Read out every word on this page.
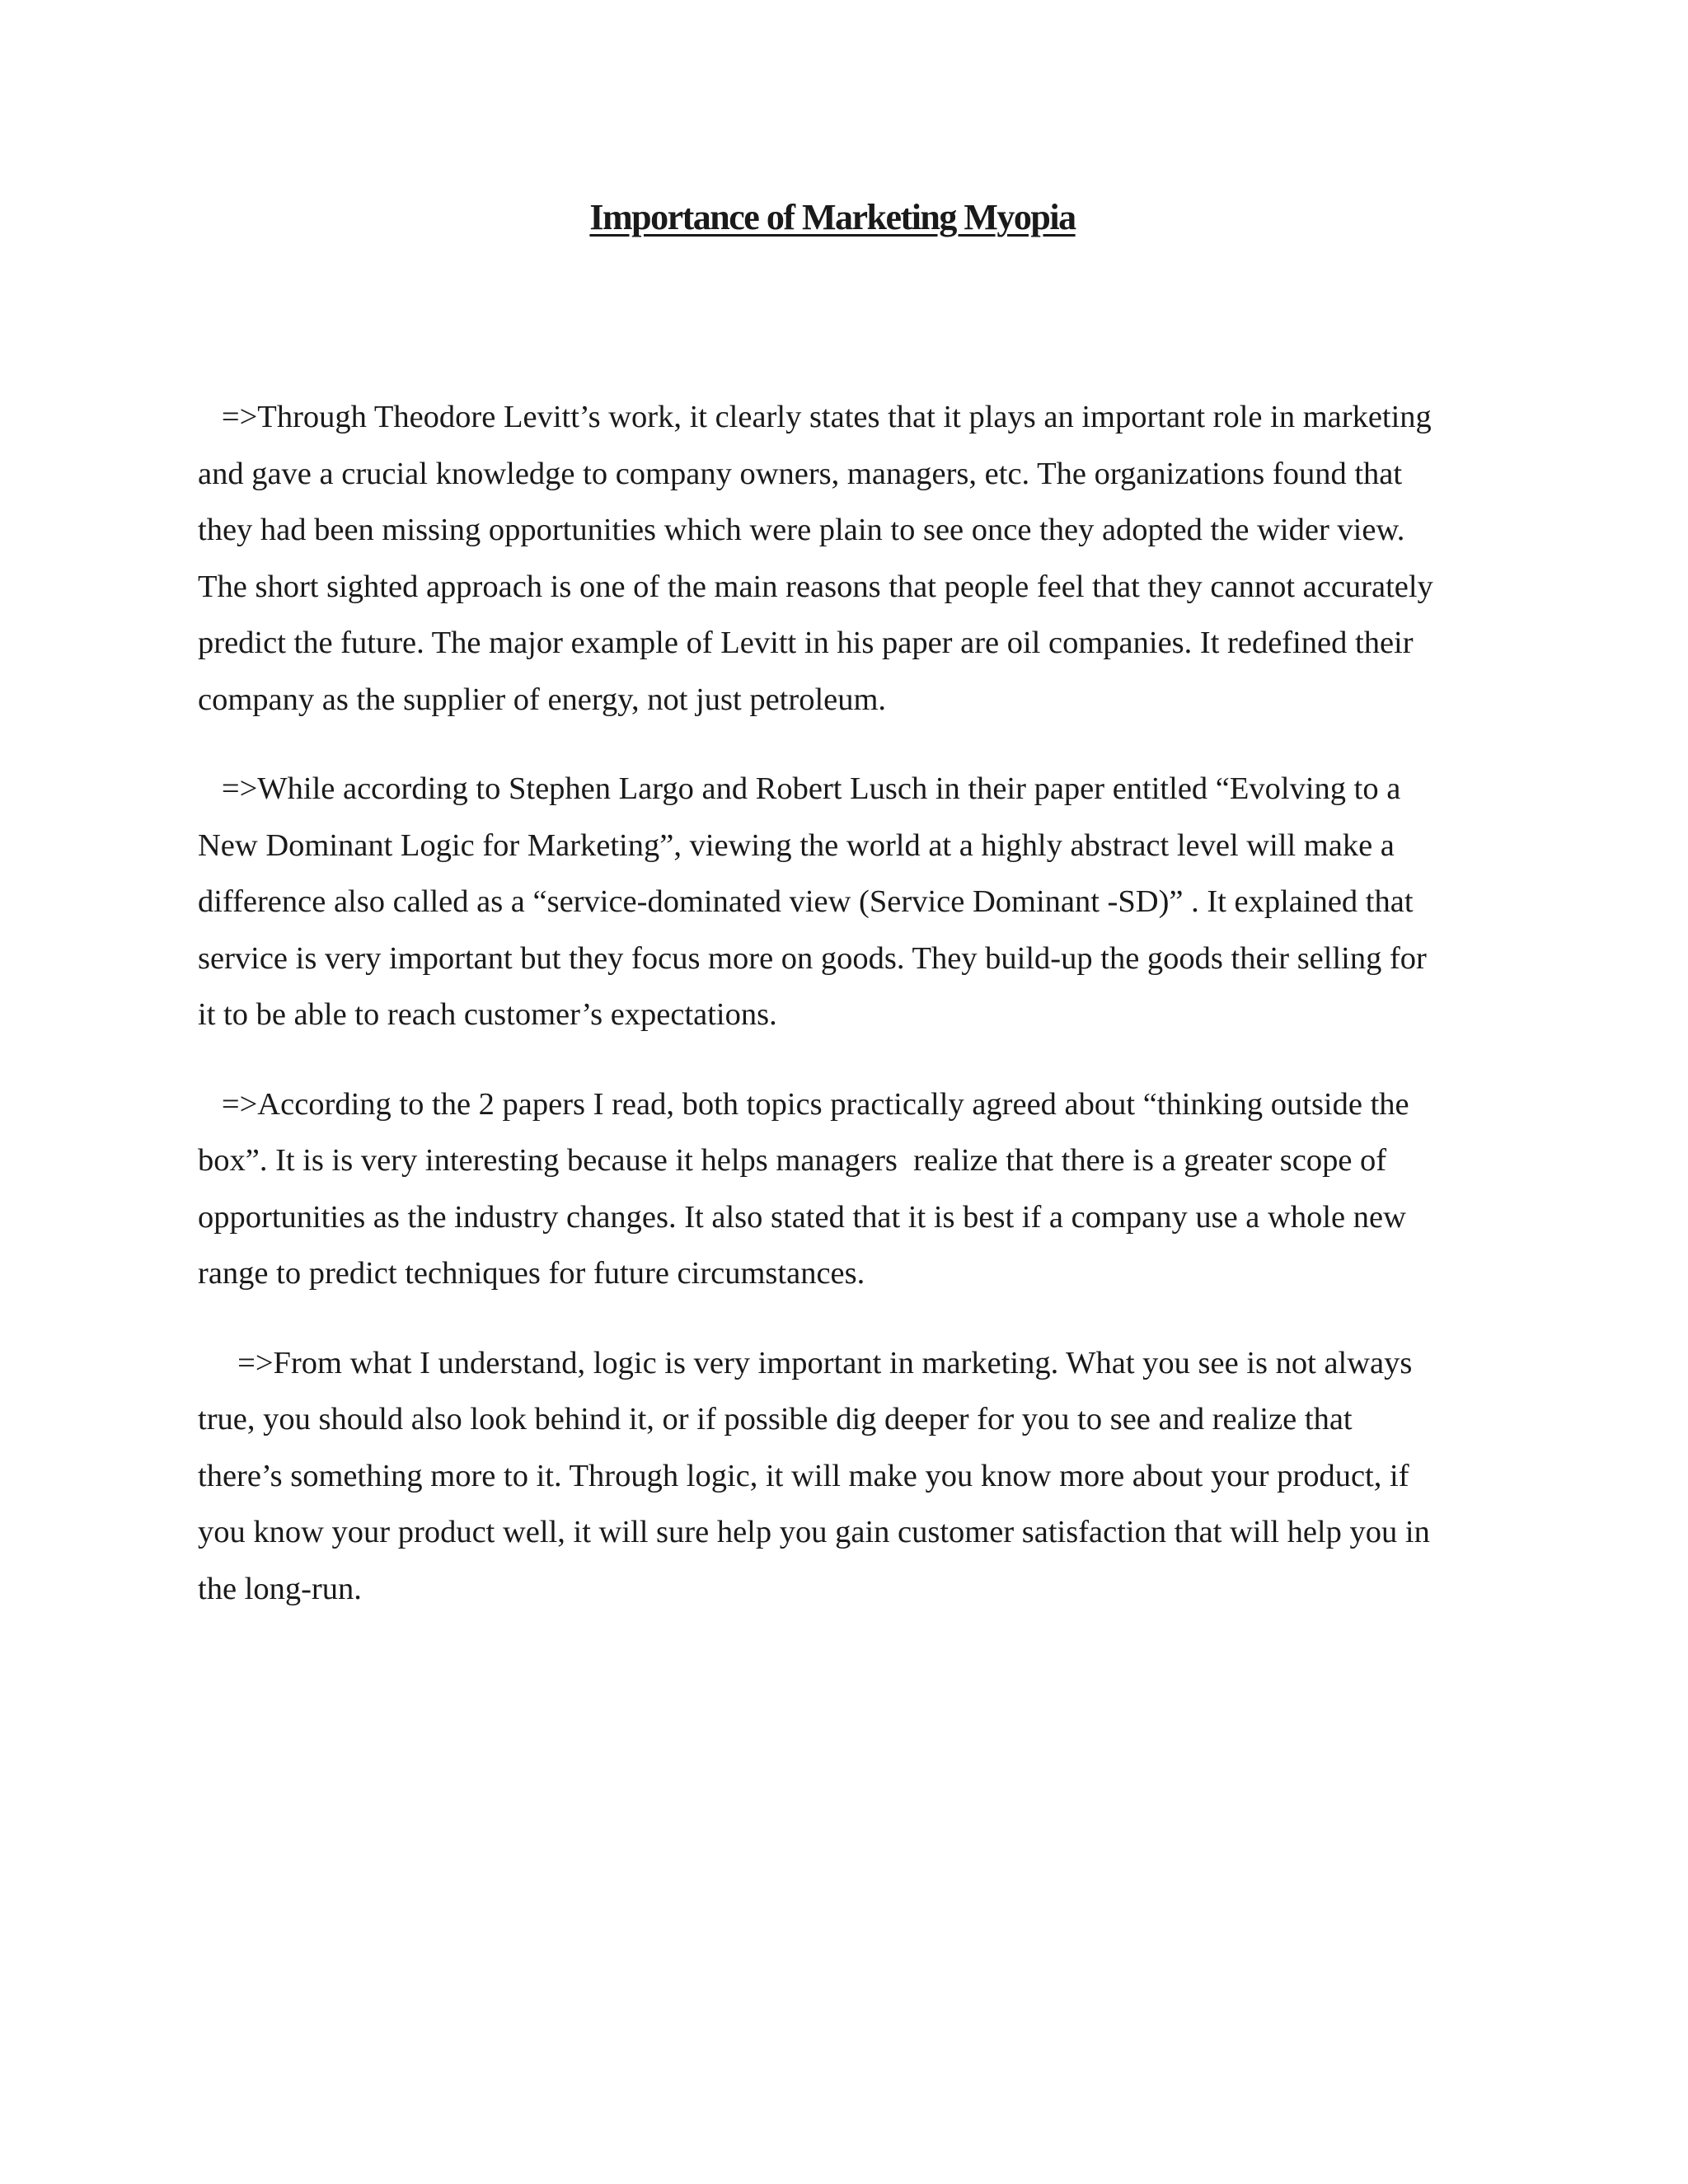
Importance of Marketing Myopia

=>Through Theodore Levitt’s work, it clearly states that it plays an important role in marketing
and gave a crucial knowledge to company owners, managers, etc. The organizations found that
they had been missing opportunities which were plain to see once they adopted the wider view.
The short sighted approach is one of the main reasons that people feel that they cannot accurately
predict the future. The major example of Levitt in his paper are oil companies. It redefined their
company as the supplier of energy, not just petroleum.

=>While according to Stephen Largo and Robert Lusch in their paper entitled “Evolving to a
New Dominant Logic for Marketing”, viewing the world at a highly abstract level will make a
difference also called as a “service-dominated view (Service Dominant -SD)” . It explained that
service is very important but they focus more on goods. They build-up the goods their selling for
it to be able to reach customer’s expectations.

=>According to the 2 papers I read, both topics practically agreed about “thinking outside the
box”. It is is very interesting because it helps managers  realize that there is a greater scope of
opportunities as the industry changes. It also stated that it is best if a company use a whole new
range to predict techniques for future circumstances.

=>From what I understand, logic is very important in marketing. What you see is not always
true, you should also look behind it, or if possible dig deeper for you to see and realize that
there’s something more to it. Through logic, it will make you know more about your product, if
you know your product well, it will sure help you gain customer satisfaction that will help you in
the long-run.
